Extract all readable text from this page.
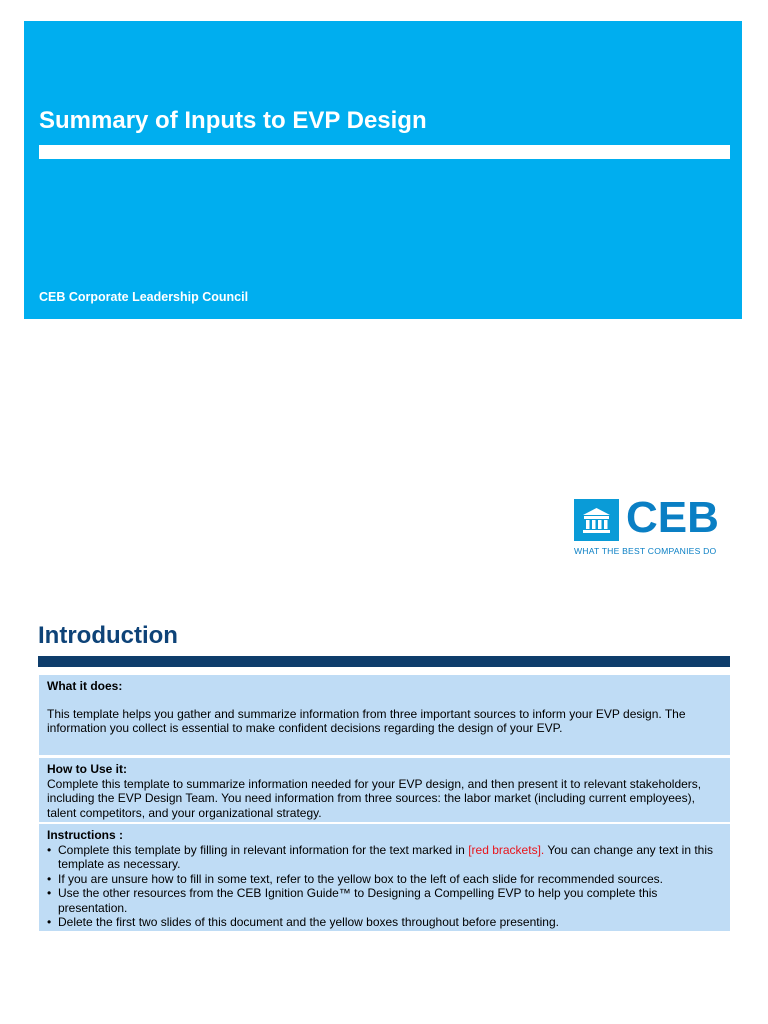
Summary of Inputs to EVP Design
CEB Corporate Leadership Council
CEB
WHAT THE BEST COMPANIES DO
Introduction

What it does:

This template helps you gather and summarize information from three important sources to inform your EVP design. The information you collect is essential to make confident decisions regarding the design of your EVP.

How to Use it:

Complete this template to summarize information needed for your EVP design, and then present it to relevant stakeholders, including the EVP Design Team. You need information from three sources: the labor market (including current employees), talent competitors, and your organizational strategy.

Instructions :

• Complete this template by filling in relevant information for the text marked in [red brackets]. You can change any text in this template as necessary.
• If you are unsure how to fill in some text, refer to the yellow box to the left of each slide for recommended sources.
• Use the other resources from the CEB Ignition Guide™ to Designing a Compelling EVP to help you complete this presentation.
• Delete the first two slides of this document and the yellow boxes throughout before presenting.
